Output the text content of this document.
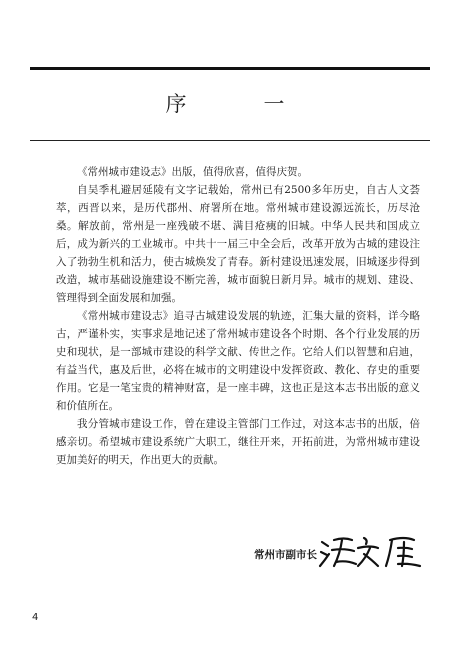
序　一

《常州城市建设志》出版，值得欣喜，值得庆贺。

自吴季札避居延陵有文字记载始，常州已有2500多年历史，自古人文荟萃，西晋以来，是历代郡州、府署所在地。常州城市建设源远流长，历尽沧桑。解放前，常州是一座残破不堪、满目疮痍的旧城。中华人民共和国成立后，成为新兴的工业城市。中共十一届三中全会后，改革开放为古城的建设注入了勃勃生机和活力，使古城焕发了青春。新村建设迅速发展，旧城逐步得到改造，城市基础设施建设不断完善，城市面貌日新月异。城市的规划、建设、管理得到全面发展和加强。

《常州城市建设志》追寻古城建设发展的轨迹，汇集大量的资料，详今略古，严谨朴实，实事求是地记述了常州城市建设各个时期、各个行业发展的历史和现状，是一部城市建设的科学文献、传世之作。它给人们以智慧和启迪，有益当代，惠及后世，必将在城市的文明建设中发挥资政、教化、存史的重要作用。它是一笔宝贵的精神财富，是一座丰碑，这也正是这本志书出版的意义和价值所在。

我分管城市建设工作，曾在建设主管部门工作过，对这本志书的出版，倍感亲切。希望城市建设系统广大职工，继往开来，开拓前进，为常州城市建设更加美好的明天，作出更大的贡献。

常州市副市长
4
